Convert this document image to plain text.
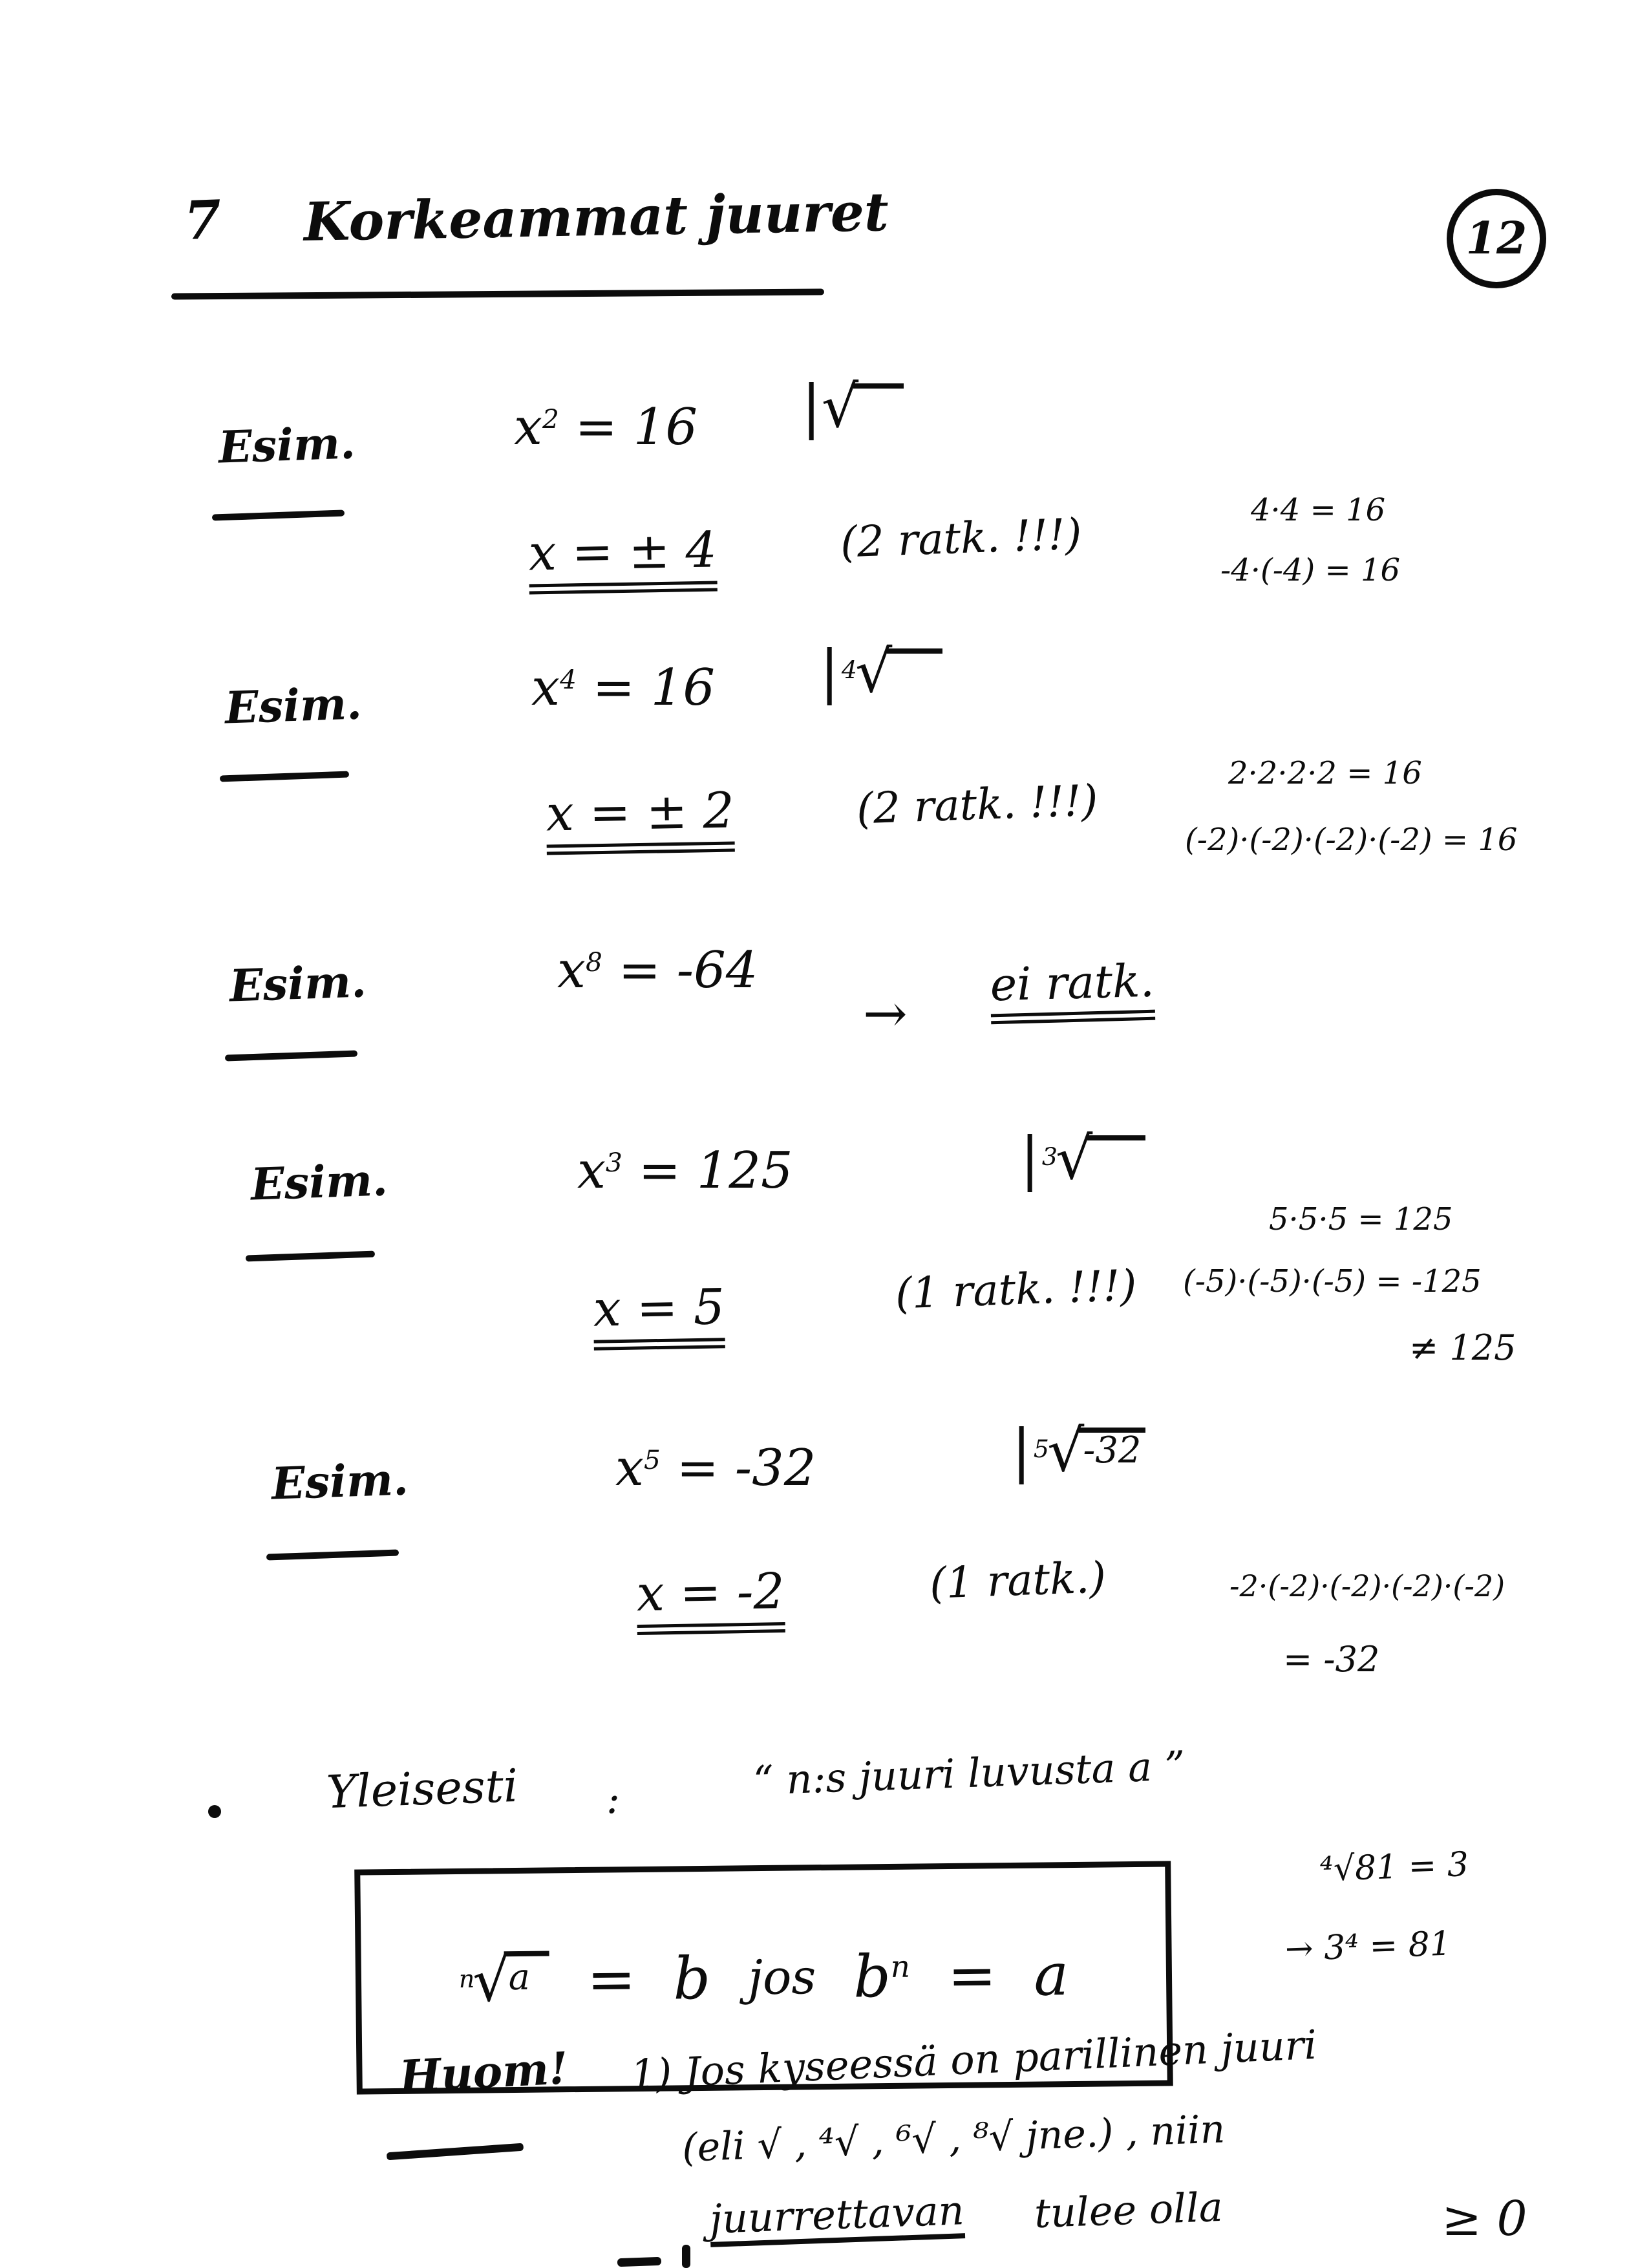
7 Korkeammat juuret	12
Esim.	$x^2 = 16$ |√
x = ± 4	(2 ratk. !!!)	4·4 = 16
-4·(-4) = 16
Esim.	$x^4 = 16$ $|^4√$
x = ± 2	(2 ratk. !!!)
2·2·2·2 = 16
(-2)·(-2)·(-2)·(-2) = 16
Esim.	$x^8 = -64$
→
ei ratk.
Esim.	$x^3 = 125$	$|^3√$
x = 5	(1 ratk. !!!)
5·5·5 = 125
(-5)·(-5)·(-5) = -125
≠ 125
Esim.	$x^5 = -32$	$|^5√-32$
x = -2	(1 ratk.)	-2·(-2)·(-2)·(-2)·(-2)
= -32
Yleisesti :	“ n:s juuri luvusta a ”
$^n$√a = b jos $b^n = a$
⁴√81 = 3
→ 3⁴ = 81
Huom! 1) Jos kyseessä on parillinen juuri
(eli √ , ⁴√ , ⁶√ , ⁸√ jne.) , niin
juurrettavan tulee olla	≥ 0
